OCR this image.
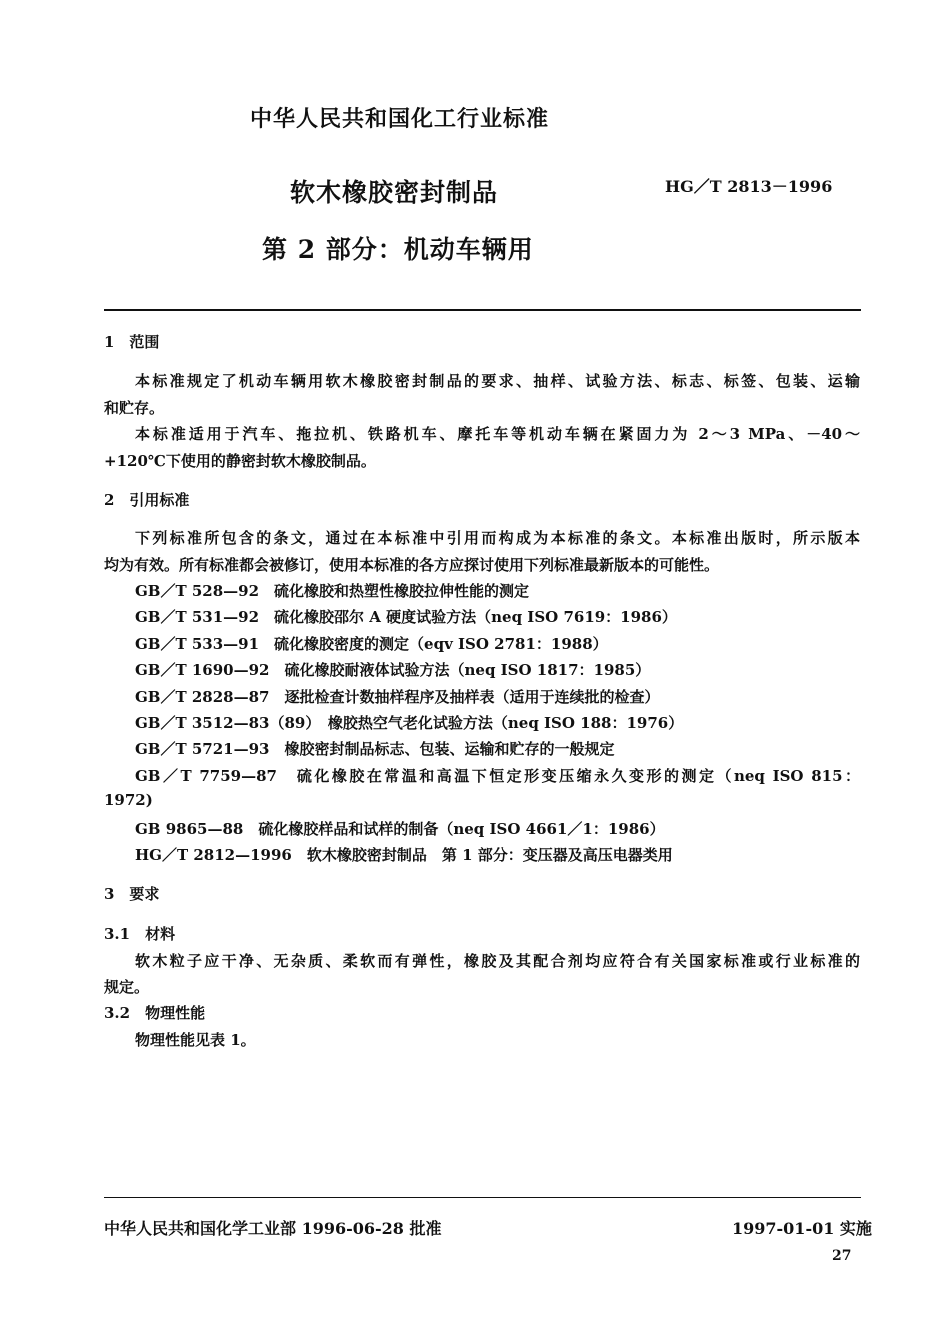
中华人民共和国化工行业标准
软木橡胶密封制品	HG／T 2813－1996
第 2 部分：机动车辆用
1　范围
本标准规定了机动车辆用软木橡胶密封制品的要求、抽样、试验方法、标志、标签、包装、运输
和贮存。
本标准适用于汽车、拖拉机、铁路机车、摩托车等机动车辆在紧固力为 2～3 MPa、－40～
+120℃下使用的静密封软木橡胶制品。
2　引用标准
下列标准所包含的条文，通过在本标准中引用而构成为本标准的条文。本标准出版时，所示版本
均为有效。所有标准都会被修订，使用本标准的各方应探讨使用下列标准最新版本的可能性。
GB／T 528—92　硫化橡胶和热塑性橡胶拉伸性能的测定
GB／T 531—92　硫化橡胶邵尔 A 硬度试验方法（neq ISO 7619：1986）
GB／T 533—91　硫化橡胶密度的测定（eqv ISO 2781：1988）
GB／T 1690—92　硫化橡胶耐液体试验方法（neq ISO 1817：1985）
GB／T 2828—87　逐批检查计数抽样程序及抽样表（适用于连续批的检查）
GB／T 3512—83（89）　橡胶热空气老化试验方法（neq ISO 188：1976）
GB／T 5721—93　橡胶密封制品标志、包装、运输和贮存的一般规定
GB／T 7759—87　硫化橡胶在常温和高温下恒定形变压缩永久变形的测定（neq ISO 815：
1972)
GB 9865—88　硫化橡胶样品和试样的制备（neq ISO 4661／1：1986）
HG／T 2812—1996　软木橡胶密封制品　第 1 部分：变压器及高压电器类用
3　要求
3.1　材料
软木粒子应干净、无杂质、柔软而有弹性，橡胶及其配合剂均应符合有关国家标准或行业标准的
规定。
3.2　物理性能
物理性能见表 1。
中华人民共和国化学工业部 1996-06-28 批准	1997-01-01 实施
27
